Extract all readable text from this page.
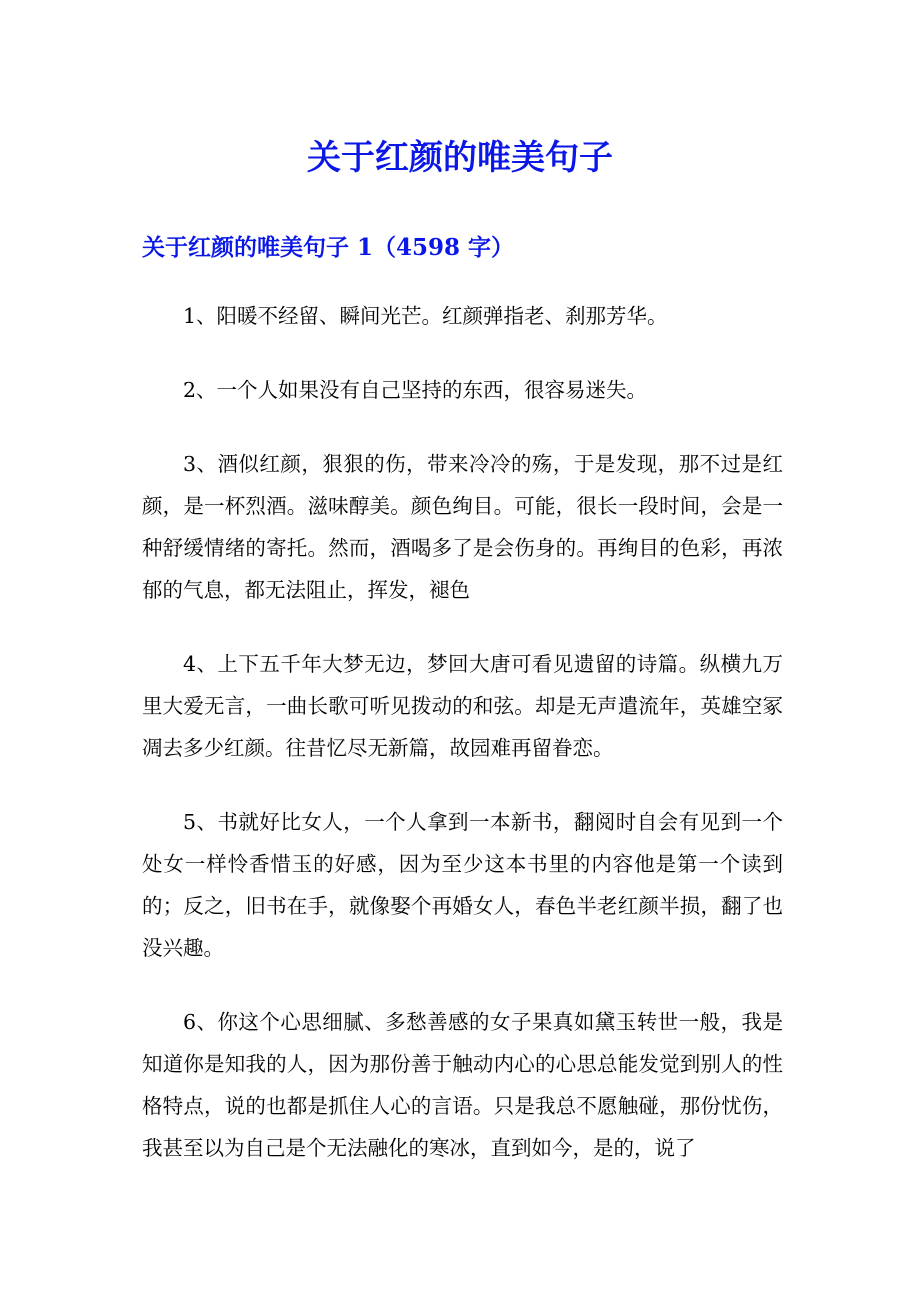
关于红颜的唯美句子
关于红颜的唯美句子 1（4598 字）

1、阳暖不经留、瞬间光芒。红颜弹指老、刹那芳华。

2、一个人如果没有自己坚持的东西，很容易迷失。

3、酒似红颜，狠狠的伤，带来冷冷的殇，于是发现，那不过是红颜，是一杯烈酒。滋味醇美。颜色绚目。可能，很长一段时间，会是一种舒缓情绪的寄托。然而，酒喝多了是会伤身的。再绚目的色彩，再浓郁的气息，都无法阻止，挥发，褪色

4、上下五千年大梦无边，梦回大唐可看见遗留的诗篇。纵横九万里大爱无言，一曲长歌可听见拨动的和弦。却是无声遣流年，英雄空冢凋去多少红颜。往昔忆尽无新篇，故园难再留眷恋。

5、书就好比女人，一个人拿到一本新书，翻阅时自会有见到一个处女一样怜香惜玉的好感，因为至少这本书里的内容他是第一个读到的；反之，旧书在手，就像娶个再婚女人，春色半老红颜半损，翻了也没兴趣。

6、你这个心思细腻、多愁善感的女子果真如黛玉转世一般，我是知道你是知我的人，因为那份善于触动内心的心思总能发觉到别人的性格特点，说的也都是抓住人心的言语。只是我总不愿触碰，那份忧伤，我甚至以为自己是个无法融化的寒冰，直到如今，是的，说了
